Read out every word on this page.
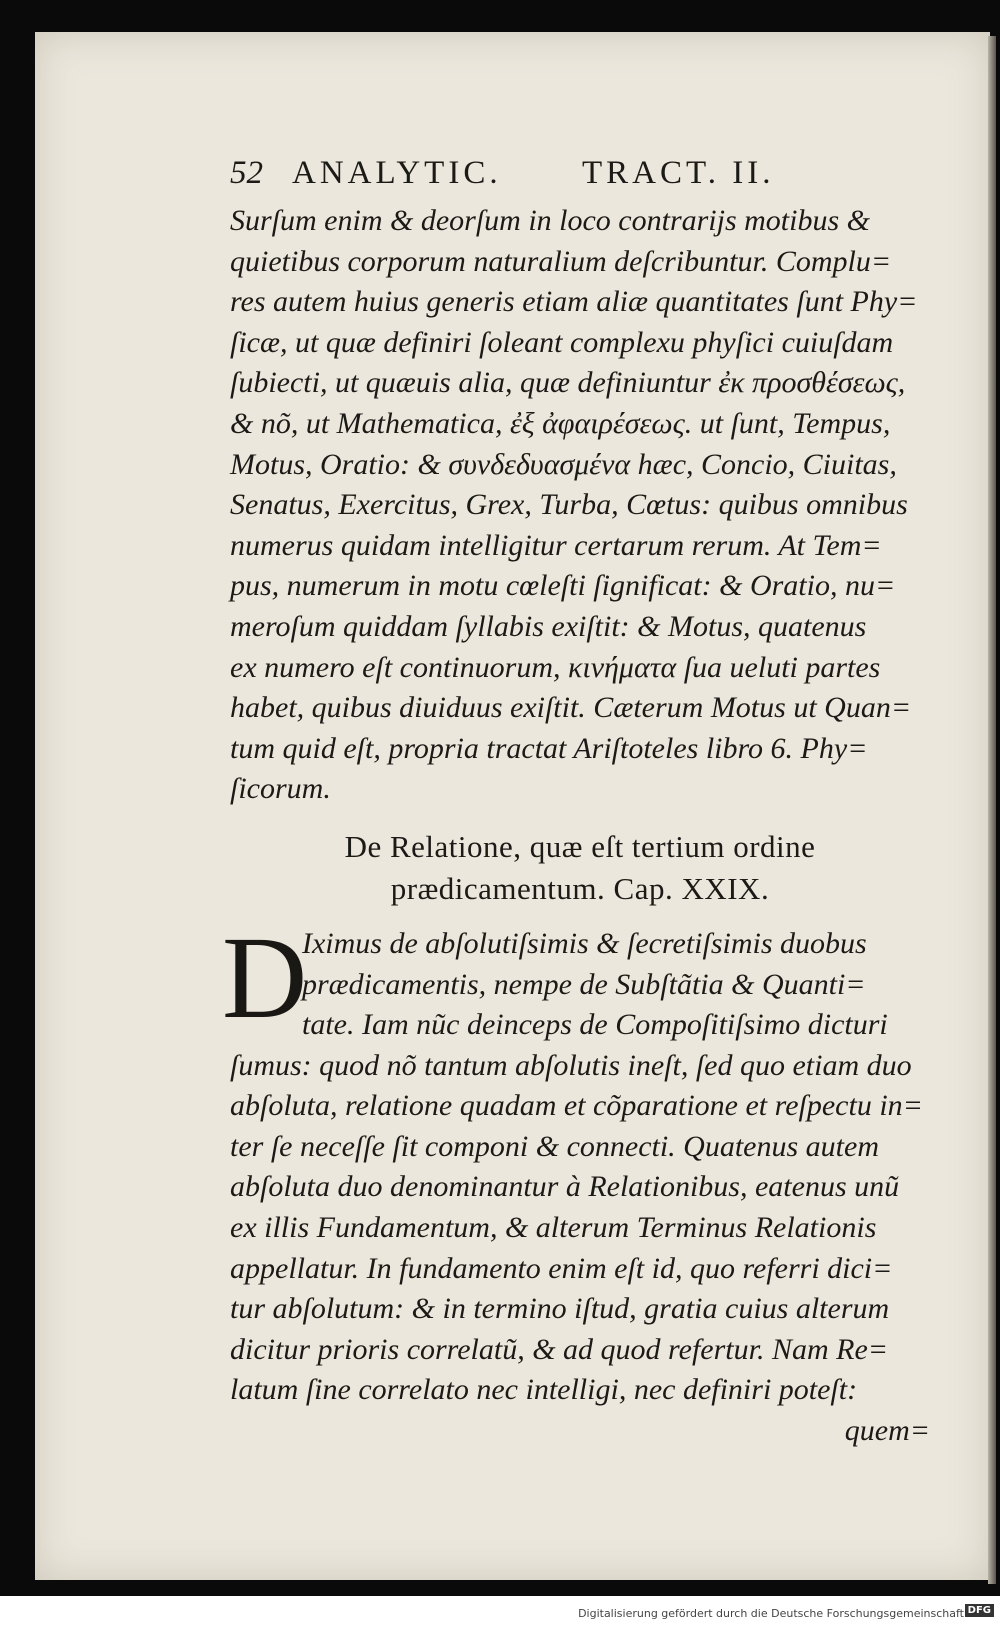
52 ANALYTIC.	TRACT. II.
Surſum enim & deorſum in loco contrarijs motibus &
quietibus corporum naturalium deſcribuntur. Complu=
res autem huius generis etiam aliæ quantitates ſunt Phy=
ſicæ, ut quæ definiri ſoleant complexu phyſici cuiuſdam
ſubiecti, ut quæuis alia, quæ definiuntur ἐκ προσθέσεως,
& nõ, ut Mathematica, ἐξ ἀφαιρέσεως. ut ſunt, Tempus,
Motus, Oratio: & συνδεδυασμένα hæc, Concio, Ciuitas,
Senatus, Exercitus, Grex, Turba, Cœtus: quibus omnibus
numerus quidam intelligitur certarum rerum. At Tem=
pus, numerum in motu cœleſti ſignificat: & Oratio, nu=
meroſum quiddam ſyllabis exiſtit: & Motus, quatenus
ex numero eſt continuorum, κινήματα ſua ueluti partes
habet, quibus diuiduus exiſtit. Cæterum Motus ut Quan=
tum quid eſt, propria tractat Ariſtoteles libro 6. Phy=
ſicorum.
De Relatione, quæ eſt tertium ordine
prædicamentum. Cap. XXIX.
D
Iximus de abſolutiſsimis & ſecretiſsimis duobus
prædicamentis, nempe de Subſtãtia & Quanti=
tate. Iam nũc deinceps de Compoſitiſsimo dicturi
ſumus: quod nõ tantum abſolutis ineſt, ſed quo etiam duo
abſoluta, relatione quadam et cõparatione et reſpectu in=
ter ſe neceſſe ſit componi & connecti. Quatenus autem
abſoluta duo denominantur à Relationibus, eatenus unũ
ex illis Fundamentum, & alterum Terminus Relationis
appellatur. In fundamento enim eſt id, quo referri dici=
tur abſolutum: & in termino iſtud, gratia cuius alterum
dicitur prioris correlatũ, & ad quod refertur. Nam Re=
latum ſine correlato nec intelligi, nec definiri poteſt:
quem=
Digitalisierung gefördert durch die Deutsche Forschungsgemeinschaft DFG
